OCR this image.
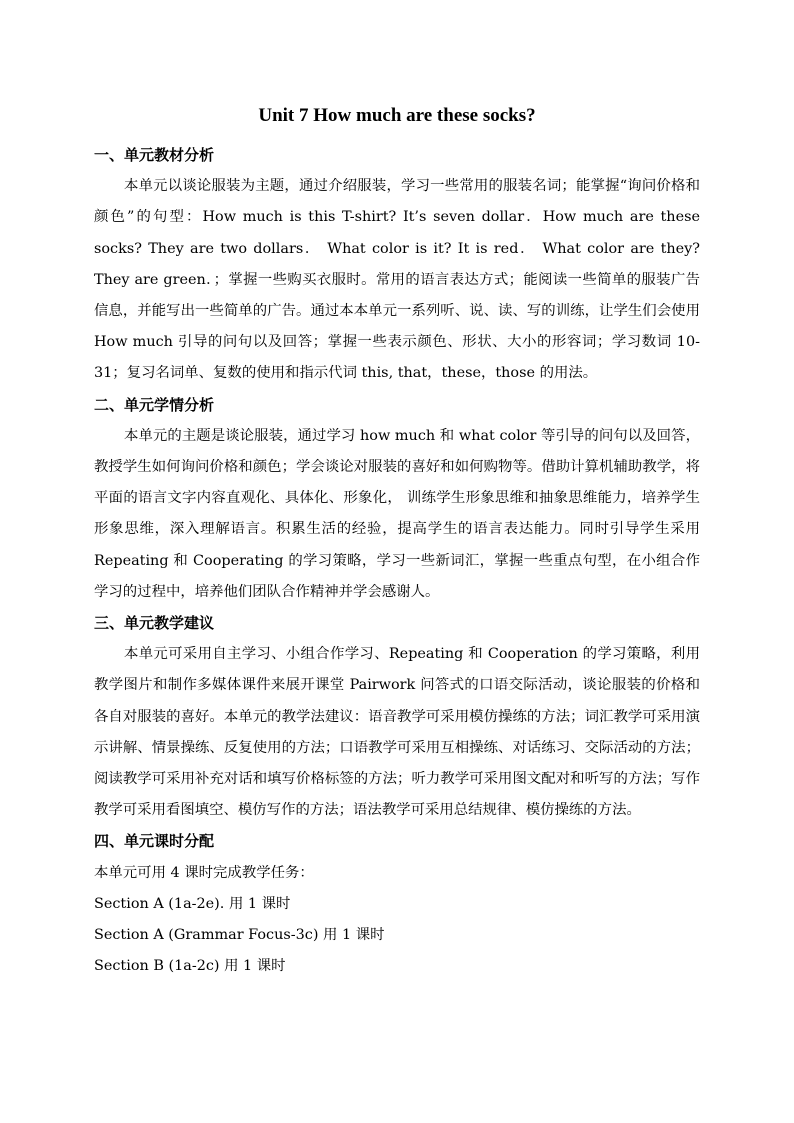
Unit 7 How much are these socks?

一、单元教材分析

本单元以谈论服装为主题，通过介绍服装，学习一些常用的服装名词；能掌握“询问价格和颜色”的句型：How much is this T-shirt? It’s seven dollar．How much are these socks? They are two dollars． What color is it? It is red． What color are they? They are green．；掌握一些购买衣服时。常用的语言表达方式；能阅读一些简单的服装广告信息，并能写出一些简单的广告。通过本本单元一系列听、说、读、写的训练，让学生们会使用 How much 引导的问句以及回答；掌握一些表示颜色、形状、大小的形容词；学习数词 10-31；复习名词单、复数的使用和指示代词 this, that，these，those 的用法。

二、单元学情分析

本单元的主题是谈论服装，通过学习 how much 和 what color 等引导的问句以及回答，教授学生如何询问价格和颜色；学会谈论对服装的喜好和如何购物等。借助计算机辅助教学，将平面的语言文字内容直观化、具体化、形象化， 训练学生形象思维和抽象思维能力，培养学生形象思维，深入理解语言。积累生活的经验，提高学生的语言表达能力。同时引导学生采用 Repeating 和 Cooperating 的学习策略，学习一些新词汇，掌握一些重点句型，在小组合作学习的过程中，培养他们团队合作精神并学会感谢人。

三、单元教学建议

本单元可采用自主学习、小组合作学习、Repeating 和 Cooperation 的学习策略，利用教学图片和制作多媒体课件来展开课堂 Pairwork 问答式的口语交际活动，谈论服装的价格和各自对服装的喜好。本单元的教学法建议：语音教学可采用模仿操练的方法；词汇教学可采用演示讲解、情景操练、反复使用的方法；口语教学可采用互相操练、对话练习、交际活动的方法；阅读教学可采用补充对话和填写价格标签的方法；听力教学可采用图文配对和听写的方法；写作教学可采用看图填空、模仿写作的方法；语法教学可采用总结规律、模仿操练的方法。

四、单元课时分配

本单元可用 4 课时完成教学任务：

Section A (1a-2e). 用 1 课时

Section A (Grammar Focus-3c) 用 1 课时

Section B (1a-2c) 用 1 课时
